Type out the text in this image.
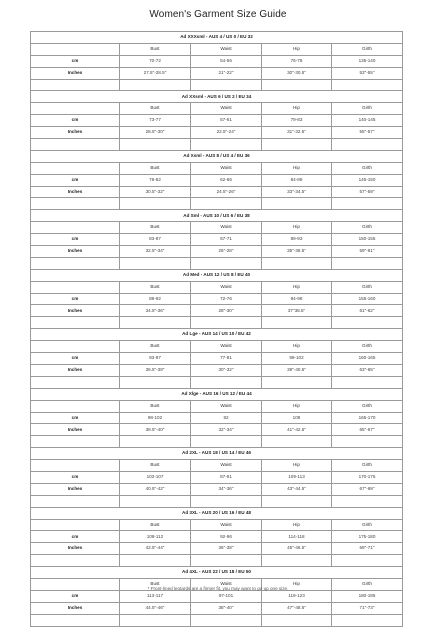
Women's Garment Size Guide
Ad XXXsml - AUS 4 / US 0 / EU 32				
	Bust	Waist	Hip	Girth
cm	70-72	54-56	76-78	135-140
Inches	27.5"-28.5"	21"-22"	30"-30.5"	53"-55"

Ad XXsml - AUS 6 / US 2 / EU 34				
	Bust	Waist	Hip	Girth
cm	73-77	57-61	79-83	140-145
Inches	28.5"-30"	22.5"-24"	31"-32.5"	55"-57"

Ad Xsml - AUS 8 / US 4 / EU 36				
	Bust	Waist	Hip	Girth
cm	78-82	62-66	84-88	145-150
Inches	30.5"-32"	24.5"-26"	33"-34.5"	57"-59"

Ad Sml - AUS 10 / US 6 / EU 38				
	Bust	Waist	Hip	Girth
cm	83-87	67-71	89-93	150-155
Inches	32.5"-34"	26"-28"	35"-36.5"	59"-61"

Ad Med - AUS 12 / US 8 / EU 40				
	Bust	Waist	Hip	Girth
cm	88-92	72-76	94-98	155-160
Inches	34.5"-36"	28"-30"	37"38.5"	61"-62"

Ad Lge - AUS 14 / US 10 / EU 42				
	Bust	Waist	Hip	Girth
cm	93-97	77-81	99-102	160-165
Inches	36.5"-38"	30"-32"	39"-40.5"	63"-65"

Ad Xlge - AUS 16 / US 12 / EU 44				
	Bust	Waist	Hip	Girth
cm	98-102	82	108	165-170
Inches	38.5"-40"	32"-34"	41"-42.5"	65"-67"

Ad 2XL - AUS 18 / US 14 / EU 46				
	Bust	Waist	Hip	Girth
cm	103-107	87-91	109-113	170-175
Inches	40.5"-42"	34"-36"	43"-44.5"	67"-69"

Ad 3XL - AUS 20 / US 16 / EU 48				
	Bust	Waist	Hip	Girth
cm	108-112	92-96	114-118	175-180
Inches	42.5"-44"	36"-38"	45"-46.5"	69"-71"

Ad 4XL - AUS 22 / US 18 / EU 50				
	Bust	Waist	Hip	Girth
cm	113-117	97-101	119-123	180-185
Inches	44.5"-46"	38"-40"	47"-48.5"	71"-73"

* Front-lined leotards are a firmer fit, you may want to go up one size.
